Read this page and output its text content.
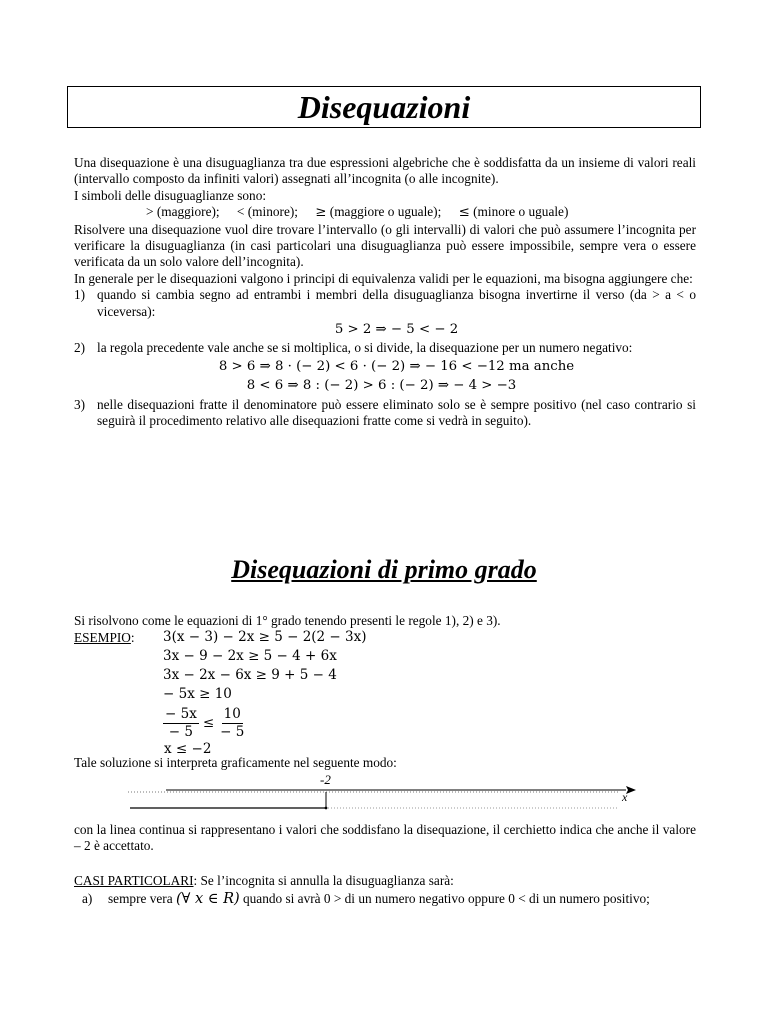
Disequazioni
Una disequazione è una disuguaglianza tra due espressioni algebriche che è soddisfatta da un insieme di valori reali (intervallo composto da infiniti valori) assegnati all’incognita (o alle incognite).
I simboli delle disuguaglianze sono:
> (maggiore); < (minore); ≥ (maggiore o uguale); ≤ (minore o uguale)
Risolvere una disequazione vuol dire trovare l’intervallo (o gli intervalli) di valori che può assumere l’incognita per verificare la disuguaglianza (in casi particolari una disuguaglianza può essere impossibile, sempre vera o essere verificata da un solo valore dell’incognita).
In generale per le disequazioni valgono i principi di equivalenza validi per le equazioni, ma bisogna aggiungere che:
1) quando si cambia segno ad entrambi i membri della disuguaglianza bisogna invertirne il verso (da > a < o viceversa):
5 > 2 ⇒ − 5 < − 2
2) la regola precedente vale anche se si moltiplica, o si divide, la disequazione per un numero negativo:
8 > 6 ⇒ 8 · (− 2) < 6 · (− 2) ⇒ − 16 < −12 ma anche
8 < 6 ⇒ 8 : (− 2) > 6 : (− 2) ⇒ − 4 > −3
3) nelle disequazioni fratte il denominatore può essere eliminato solo se è sempre positivo (nel caso contrario si seguirà il procedimento relativo alle disequazioni fratte come si vedrà in seguito).
Disequazioni di primo grado
Si risolvono come le equazioni di 1° grado tenendo presenti le regole 1), 2) e 3).
ESEMPIO:	3(x − 3) − 2x ≥ 5 − 2(2 − 3x)
3x − 9 − 2x ≥ 5 − 4 + 6x
3x − 2x − 6x ≥ 9 + 5 − 4
− 5x ≥ 10
$\frac{- 5x}{- 5} \le \frac{10}{- 5}$
x ≤ −2
Tale soluzione si interpreta graficamente nel seguente modo:
-2
x
con la linea continua si rappresentano i valori che soddisfano la disequazione, il cerchietto indica che anche il valore – 2 è accettato.
CASI PARTICOLARI: Se l’incognita si annulla la disuguaglianza sarà:
a) sempre vera (∀ x ∈ R) quando si avrà 0 > di un numero negativo oppure 0 < di un numero positivo;
